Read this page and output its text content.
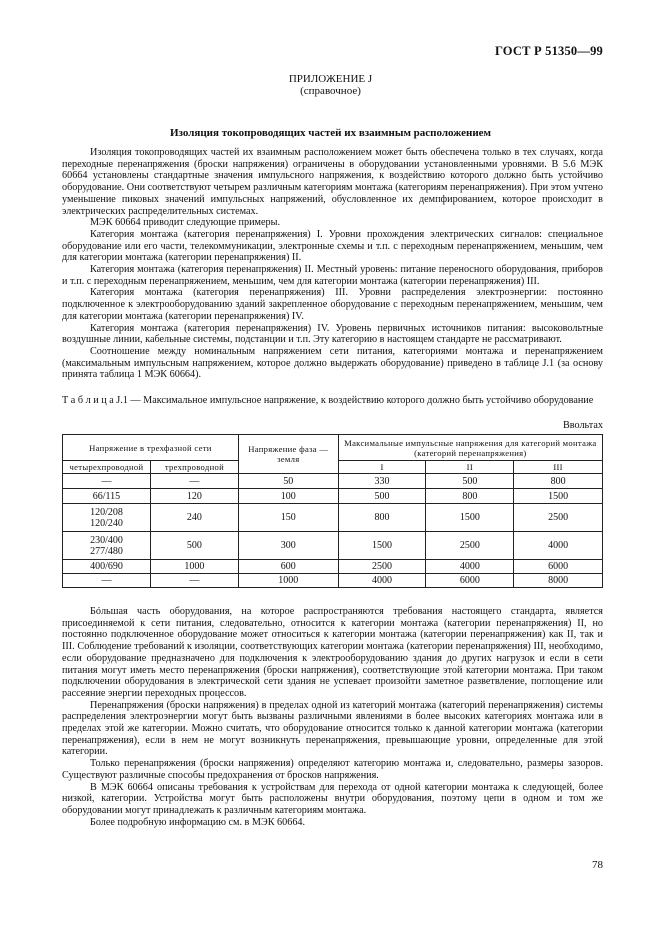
ГОСТ Р 51350—99
ПРИЛОЖЕНИЕ J
(справочное)
Изоляция токопроводящих частей их взаимным расположением

Изоляция токопроводящих частей их взаимным расположением может быть обеспечена только в тех случаях, когда переходные перенапряжения (броски напряжения) ограничены в оборудовании установленными уровнями. В 5.6 МЭК 60664 установлены стандартные значения импульсного напряжения, к воздействию которого должно быть устойчиво оборудование. Они соответствуют четырем различным категориям монтажа (категориям перенапряжения). При этом учтено уменьшение пиковых значений импульсных напряжений, обусловленное их демпфированием, которое происходит в электрических распределительных системах.

МЭК 60664 приводит следующие примеры.

Категория монтажа (категория перенапряжения) I. Уровни прохождения электрических сигналов: специальное оборудование или его части, телекоммуникации, электронные схемы и т.п. с переходным перенапряжением, меньшим, чем для категории монтажа (категории перенапряжения) II.

Категория монтажа (категория перенапряжения) II. Местный уровень: питание переносного оборудования, приборов и т.п. с переходным перенапряжением, меньшим, чем для категории монтажа (категории перенапряжения) III.

Категория монтажа (категория перенапряжения) III. Уровни распределения электроэнергии: постоянно подключенное к электрооборудованию зданий закрепленное оборудование с переходным перенапряжением, меньшим, чем для категории монтажа (категории перенапряжения) IV.

Категория монтажа (категория перенапряжения) IV. Уровень первичных источников питания: высоковольтные воздушные линии, кабельные системы, подстанции и т.п. Эту категорию в настоящем стандарте не рассматривают.

Соотношение между номинальным напряжением сети питания, категориями монтажа и перенапряжением (максимальным импульсным напряжением, которое должно выдержать оборудование) приведено в таблице J.1 (за основу принята таблица 1 МЭК 60664).

Т а б л и ц а J.1 — Максимальное импульсное напряжение, к воздействию которого должно быть устойчиво оборудование
Ввольтах
Напряжение в трехфазной сети		Напряжение фаза — земля	Максимальные импульсные напряжения для категорий монтажа (категорий перенапряжения)		
четырехпроводной	трехпроводной		I	II	III
—	—	50	330	500	800
66/115	120	100	500	800	1500
120/208
120/240	240	150	800	1500	2500
230/400
277/480	500	300	1500	2500	4000
400/690	1000	600	2500	4000	6000
—	—	1000	4000	6000	8000

Бóльшая часть оборудования, на которое распространяются требования настоящего стандарта, является присоединяемой к сети питания, следовательно, относится к категории монтажа (категории перенапряжения) II, но постоянно подключенное оборудование может относиться к категории монтажа (категории перенапряжения) как II, так и III. Соблюдение требований к изоляции, соответствующих категории монтажа (категории перенапряжения) III, необходимо, если оборудование предназначено для подключения к электрооборудованию здания до других нагрузок и если в сети питания могут иметь место перенапряжения (броски напряжения), соответствующие этой категории монтажа. При таком подключении оборудования в электрической сети здания не успевает произойти заметное разветвление, поглощение или рассеяние энергии переходных процессов.

Перенапряжения (броски напряжения) в пределах одной из категорий монтажа (категорий перенапряжения) системы распределения электроэнергии могут быть вызваны различными явлениями в более высоких категориях монтажа или в пределах этой же категории. Можно считать, что оборудование относится только к данной категории монтажа (категории перенапряжения), если в нем не могут возникнуть перенапряжения, превышающие уровни, определенные для этой категории.

Только перенапряжения (броски напряжения) определяют категорию монтажа и, следовательно, размеры зазоров. Существуют различные способы предохранения от бросков напряжения.

В МЭК 60664 описаны требования к устройствам для перехода от одной категории монтажа к следующей, более низкой, категории. Устройства могут быть расположены внутри оборудования, поэтому цепи в одном и том же оборудовании могут принадлежать к различным категориям монтажа.

Более подробную информацию см. в МЭК 60664.

78
